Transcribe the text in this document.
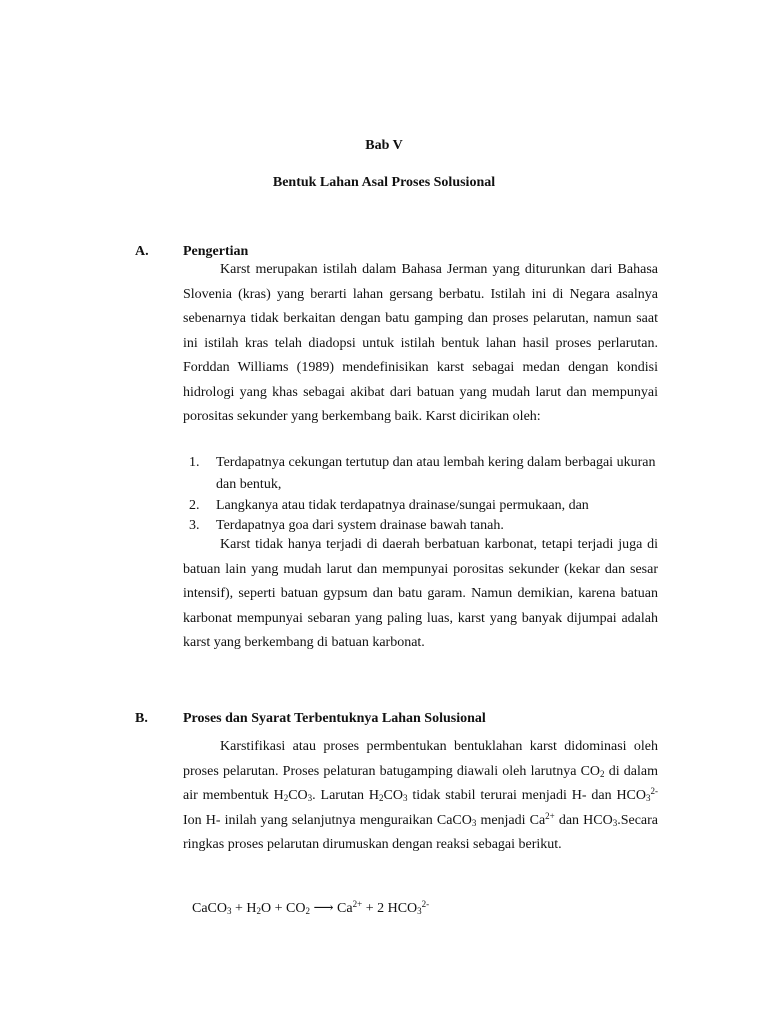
Bab V
Bentuk Lahan Asal Proses Solusional
A. Pengertian

Karst merupakan istilah dalam Bahasa Jerman yang diturunkan dari Bahasa Slovenia (kras) yang berarti lahan gersang berbatu. Istilah ini di Negara asalnya sebenarnya tidak berkaitan dengan batu gamping dan proses pelarutan, namun saat ini istilah kras telah diadopsi untuk istilah bentuk lahan hasil proses perlarutan. Forddan Williams (1989) mendefinisikan karst sebagai medan dengan kondisi hidrologi yang khas sebagai akibat dari batuan yang mudah larut dan mempunyai porositas sekunder yang berkembang baik. Karst dicirikan oleh:

1. Terdapatnya cekungan tertutup dan atau lembah kering dalam berbagai ukuran dan bentuk,
2. Langkanya atau tidak terdapatnya drainase/sungai permukaan, dan
3. Terdapatnya goa dari system drainase bawah tanah.

Karst tidak hanya terjadi di daerah berbatuan karbonat, tetapi terjadi juga di batuan lain yang mudah larut dan mempunyai porositas sekunder (kekar dan sesar intensif), seperti batuan gypsum dan batu garam. Namun demikian, karena batuan karbonat mempunyai sebaran yang paling luas, karst yang banyak dijumpai adalah karst yang berkembang di batuan karbonat.

B.	Proses dan Syarat Terbentuknya Lahan Solusional

Karstifikasi atau proses permbentukan bentuklahan karst didominasi oleh proses pelarutan. Proses pelaturan batugamping diawali oleh larutnya $CO_2$ di dalam air membentuk $H_2CO_3$. Larutan $H_2CO_3$ tidak stabil terurai menjadi H- dan $HCO_3^{2-}$ Ion H- inilah yang selanjutnya menguraikan CaCO$_3$ menjadi $Ca^{2+}$ dan $HCO_3.Secara$ ringkas proses pelarutan dirumuskan dengan reaksi sebagai berikut.

CaCO$_3$ + $H_2O + CO_2$ ⟶ $Ca^{2+} + 2$ $HCO_3^{2-}$
